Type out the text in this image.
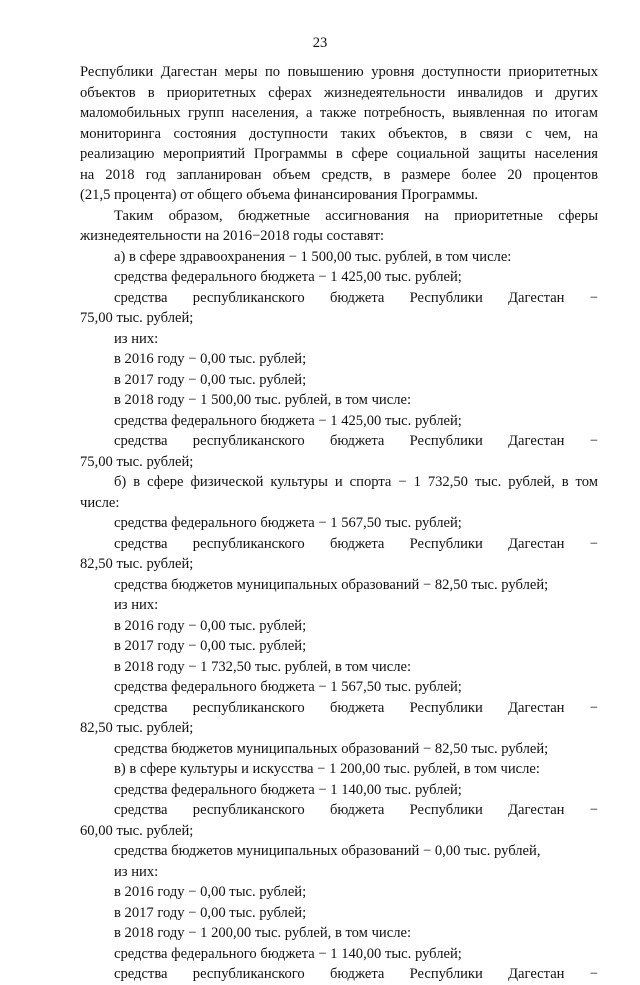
23
Республики Дагестан меры по повышению уровня доступности приоритетных
объектов в приоритетных сферах жизнедеятельности инвалидов и других
маломобильных групп населения, а также потребность, выявленная по итогам
мониторинга состояния доступности таких объектов, в связи с чем, на
реализацию мероприятий Программы в сфере социальной защиты населения
на 2018 год запланирован объем средств, в размере более 20 процентов
(21,5 процента) от общего объема финансирования Программы.
Таким образом, бюджетные ассигнования на приоритетные сферы
жизнедеятельности на 2016−2018 годы составят:
а) в сфере здравоохранения − 1 500,00 тыс. рублей, в том числе:
средства федерального бюджета − 1 425,00 тыс. рублей;
средства республиканского бюджета Республики Дагестан −
75,00 тыс. рублей;
из них:
в 2016 году − 0,00 тыс. рублей;
в 2017 году − 0,00 тыс. рублей;
в 2018 году − 1 500,00 тыс. рублей, в том числе:
средства федерального бюджета − 1 425,00 тыс. рублей;
средства республиканского бюджета Республики Дагестан −
75,00 тыс. рублей;
б) в сфере физической культуры и спорта − 1 732,50 тыс. рублей, в том
числе:
средства федерального бюджета − 1 567,50 тыс. рублей;
средства республиканского бюджета Республики Дагестан −
82,50 тыс. рублей;
средства бюджетов муниципальных образований − 82,50 тыс. рублей;
из них:
в 2016 году − 0,00 тыс. рублей;
в 2017 году − 0,00 тыс. рублей;
в 2018 году − 1 732,50 тыс. рублей, в том числе:
средства федерального бюджета − 1 567,50 тыс. рублей;
средства республиканского бюджета Республики Дагестан −
82,50 тыс. рублей;
средства бюджетов муниципальных образований − 82,50 тыс. рублей;
в) в сфере культуры и искусства − 1 200,00 тыс. рублей, в том числе:
средства федерального бюджета − 1 140,00 тыс. рублей;
средства республиканского бюджета Республики Дагестан −
60,00 тыс. рублей;
средства бюджетов муниципальных образований − 0,00 тыс. рублей,
из них:
в 2016 году − 0,00 тыс. рублей;
в 2017 году − 0,00 тыс. рублей;
в 2018 году − 1 200,00 тыс. рублей, в том числе:
средства федерального бюджета − 1 140,00 тыс. рублей;
средства республиканского бюджета Республики Дагестан −
